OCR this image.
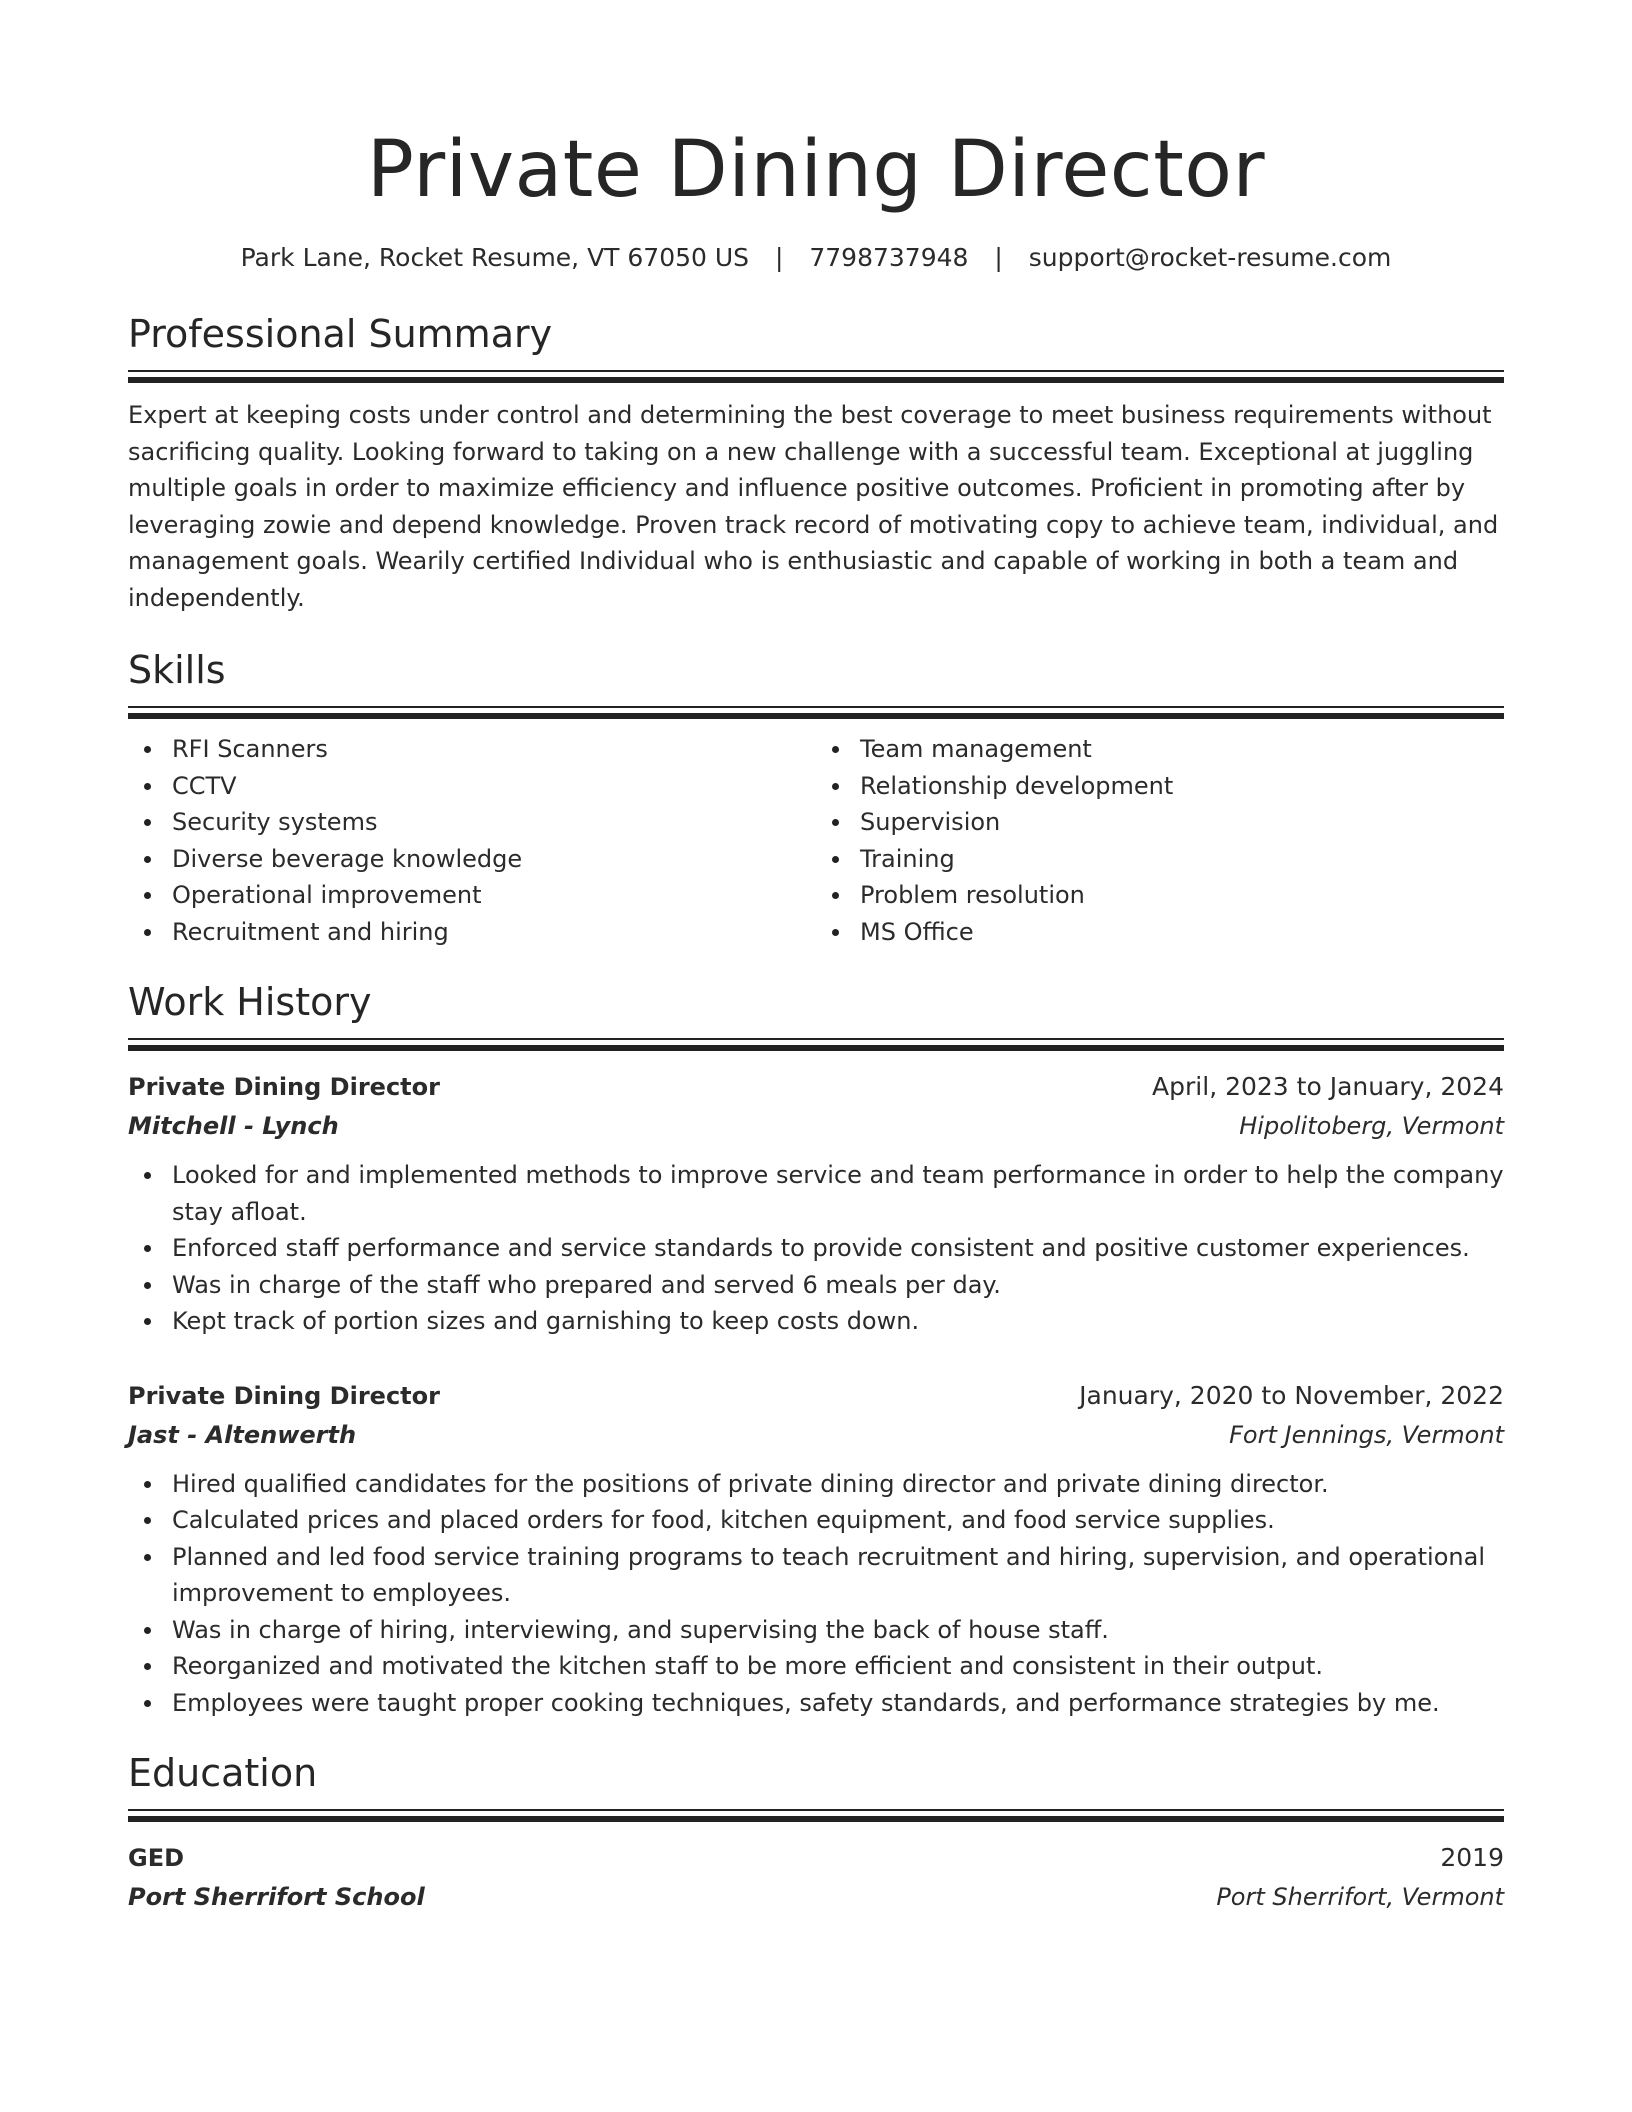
Private Dining Director
Park Lane, Rocket Resume, VT 67050 US | 7798737948 | support@rocket-resume.com
Professional Summary
Expert at keeping costs under control and determining the best coverage to meet business requirements without sacrificing quality. Looking forward to taking on a new challenge with a successful team. Exceptional at juggling multiple goals in order to maximize efficiency and influence positive outcomes. Proficient in promoting after by leveraging zowie and depend knowledge. Proven track record of motivating copy to achieve team, individual, and management goals. Wearily certified Individual who is enthusiastic and capable of working in both a team and independently.
Skills
RFI Scanners
CCTV
Security systems
Diverse beverage knowledge
Operational improvement
Recruitment and hiring
Team management
Relationship development
Supervision
Training
Problem resolution
MS Office
Work History
Private Dining Director	April, 2023 to January, 2024
Mitchell - Lynch	Hipolitoberg, Vermont
Looked for and implemented methods to improve service and team performance in order to help the company stay afloat.
Enforced staff performance and service standards to provide consistent and positive customer experiences.
Was in charge of the staff who prepared and served 6 meals per day.
Kept track of portion sizes and garnishing to keep costs down.
Private Dining Director	January, 2020 to November, 2022
Jast - Altenwerth	Fort Jennings, Vermont
Hired qualified candidates for the positions of private dining director and private dining director.
Calculated prices and placed orders for food, kitchen equipment, and food service supplies.
Planned and led food service training programs to teach recruitment and hiring, supervision, and operational improvement to employees.
Was in charge of hiring, interviewing, and supervising the back of house staff.
Reorganized and motivated the kitchen staff to be more efficient and consistent in their output.
Employees were taught proper cooking techniques, safety standards, and performance strategies by me.
Education
GED	2019
Port Sherrifort School	Port Sherrifort, Vermont
